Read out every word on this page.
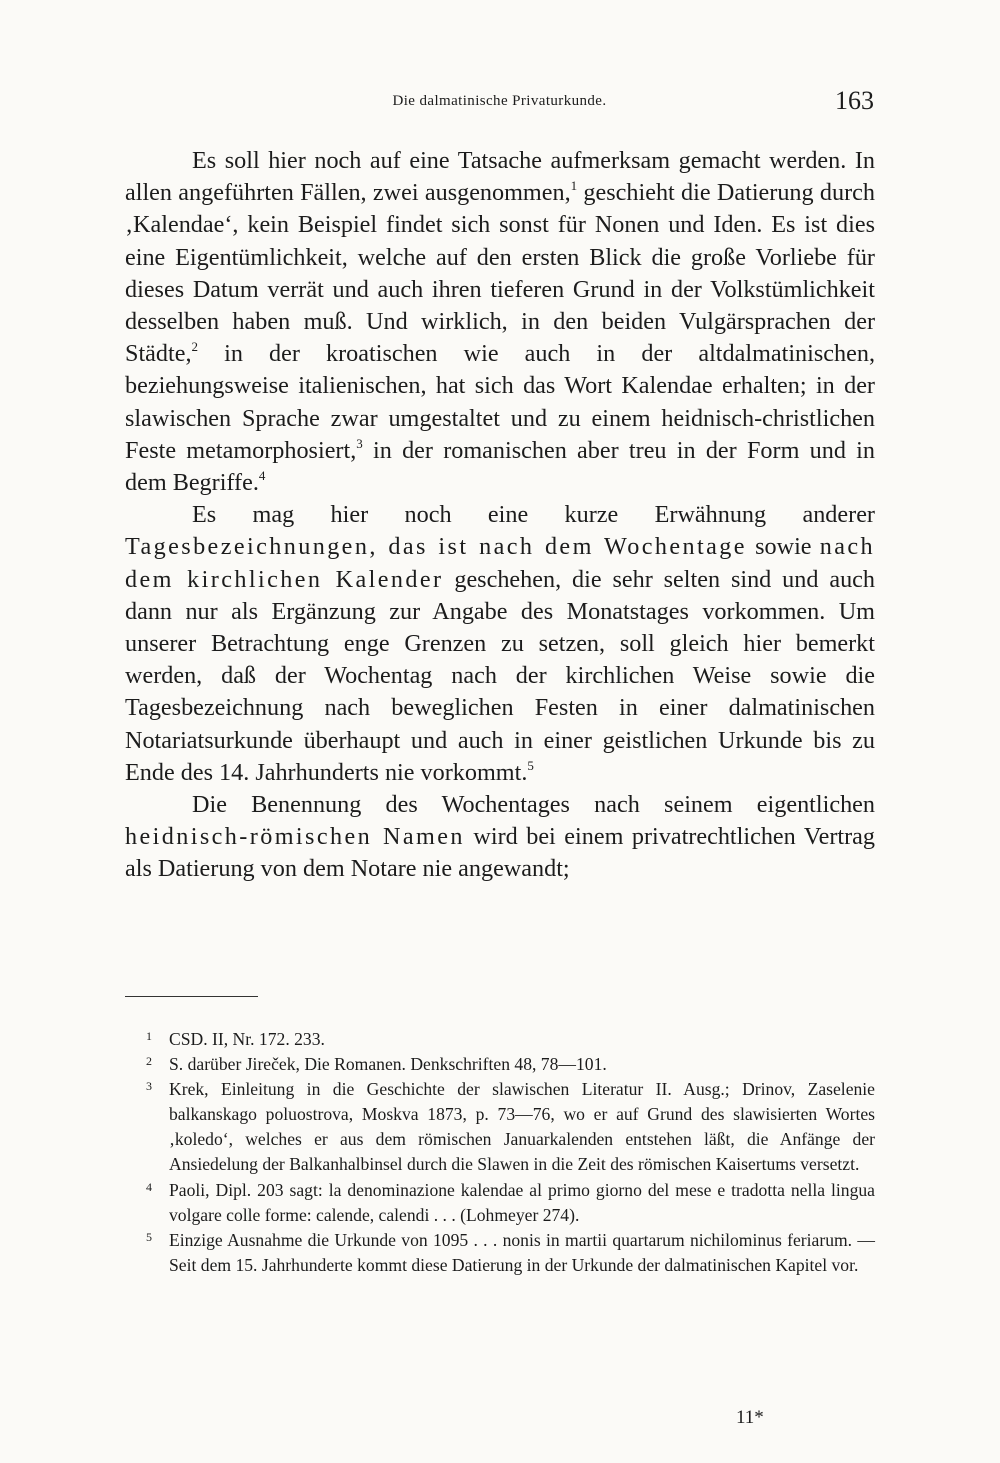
Die dalmatinische Privaturkunde.	163

Es soll hier noch auf eine Tatsache aufmerksam gemacht werden. In allen angeführten Fällen, zwei ausgenommen,$^1$ geschieht die Datierung durch ‚Kalendae‘, kein Beispiel findet sich sonst für Nonen und Iden. Es ist dies eine Eigentümlichkeit, welche auf den ersten Blick die große Vorliebe für dieses Datum verrät und auch ihren tieferen Grund in der Volkstümlichkeit desselben haben muß. Und wirklich, in den beiden Vulgärsprachen der Städte,$^2$ in der kroatischen wie auch in der altdalmatinischen, beziehungsweise italienischen, hat sich das Wort Kalendae erhalten; in der slawischen Sprache zwar umgestaltet und zu einem heidnisch-christlichen Feste metamorphosiert,$^3$ in der romanischen aber treu in der Form und in dem Begriffe.$^4$

Es mag hier noch eine kurze Erwähnung anderer Tagesbezeichnungen, das ist nach dem Wochentage sowie nach dem kirchlichen Kalender geschehen, die sehr selten sind und auch dann nur als Ergänzung zur Angabe des Monatstages vorkommen. Um unserer Betrachtung enge Grenzen zu setzen, soll gleich hier bemerkt werden, daß der Wochentag nach der kirchlichen Weise sowie die Tagesbezeichnung nach beweglichen Festen in einer dalmatinischen Notariatsurkunde überhaupt und auch in einer geistlichen Urkunde bis zu Ende des 14. Jahrhunderts nie vorkommt.$^5$

Die Benennung des Wochentages nach seinem eigentlichen heidnisch-römischen Namen wird bei einem privatrechtlichen Vertrag als Datierung von dem Notare nie angewandt;

1 CSD. II, Nr. 172. 233.
2 S. darüber Jireček, Die Romanen. Denkschriften 48, 78—101.
3 Krek, Einleitung in die Geschichte der slawischen Literatur II. Ausg.; Drinov, Zaselenie balkanskago poluostrova, Moskva 1873, p. 73—76, wo er auf Grund des slawisierten Wortes ‚koledo‘, welches er aus dem römischen Januarkalenden entstehen läßt, die Anfänge der Ansiedelung der Balkanhalbinsel durch die Slawen in die Zeit des römischen Kaisertums versetzt.
4 Paoli, Dipl. 203 sagt: la denominazione kalendae al primo giorno del mese e tradotta nella lingua volgare colle forme: calende, calendi . . . (Lohmeyer 274).
5 Einzige Ausnahme die Urkunde von 1095 . . . nonis in martii quartarum nichilominus feriarum. — Seit dem 15. Jahrhunderte kommt diese Datierung in der Urkunde der dalmatinischen Kapitel vor.
11*
